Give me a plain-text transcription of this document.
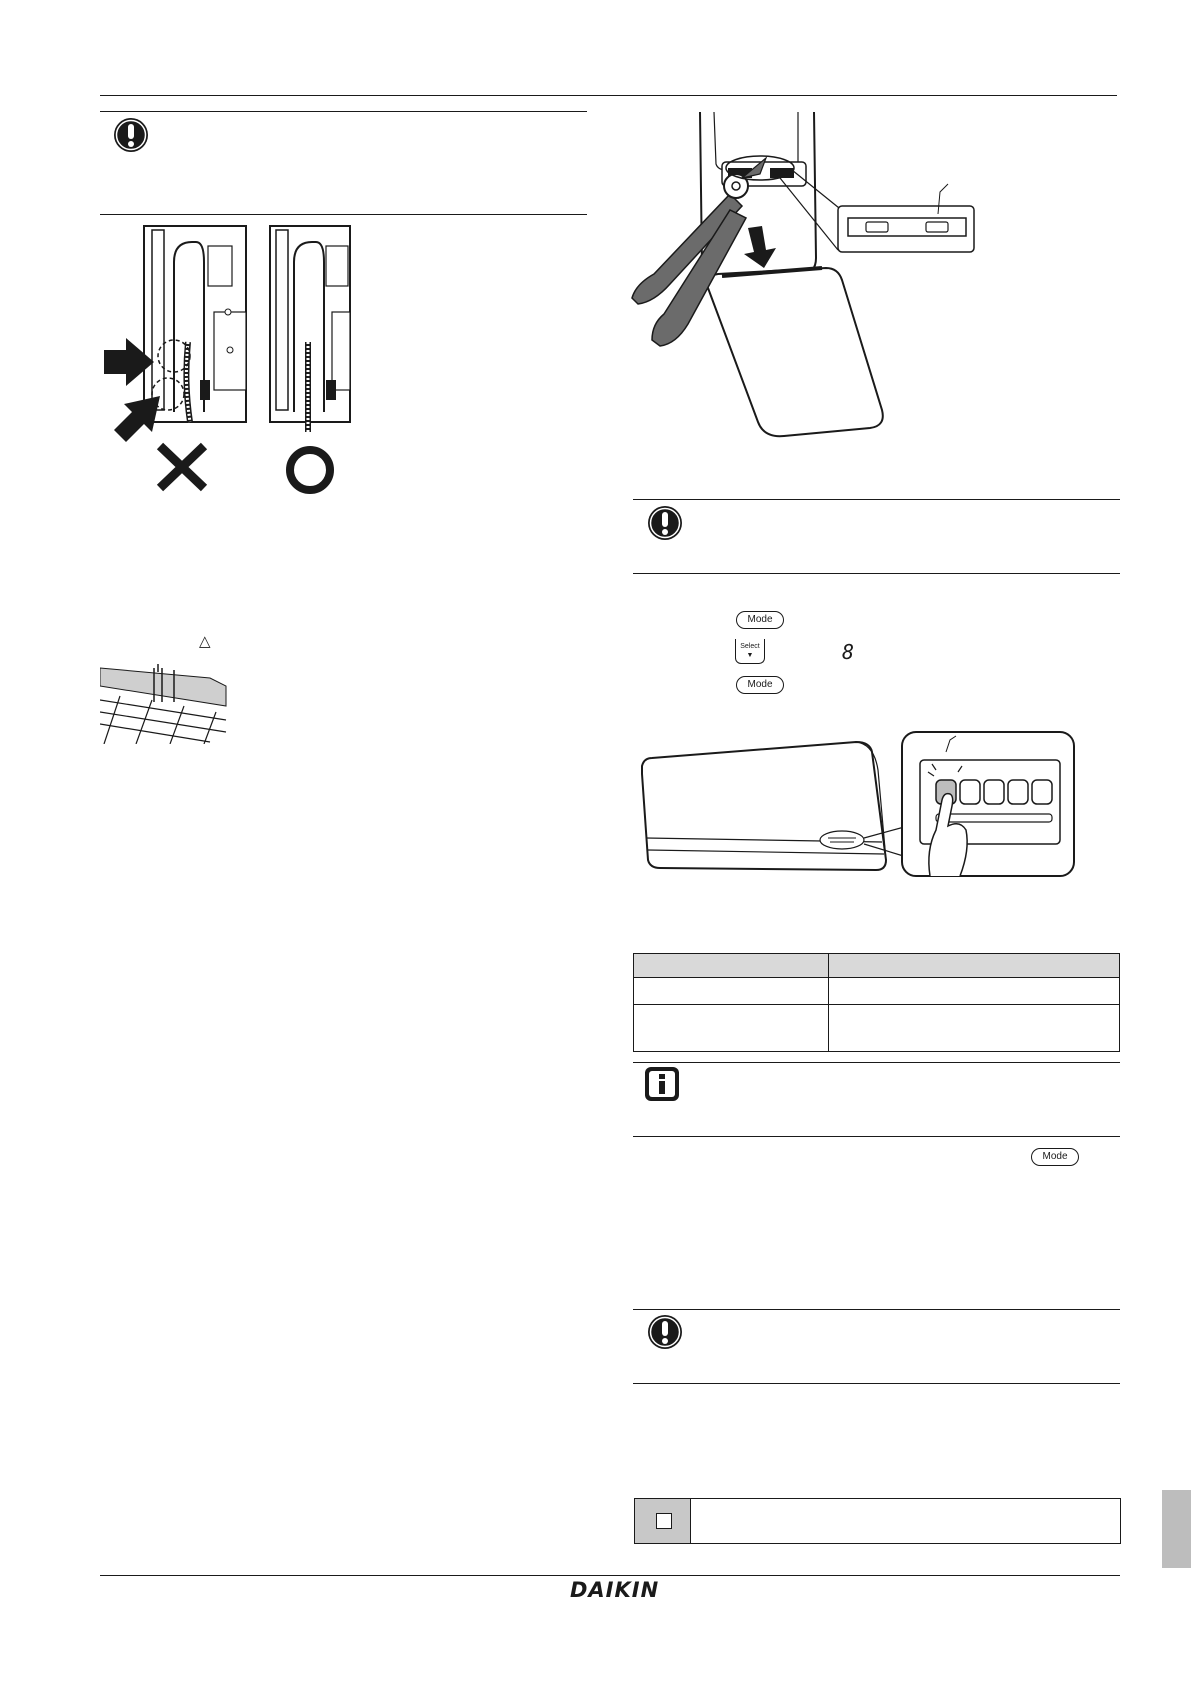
△
Mode
Select
▼	8
Mode
Mode
DAIKIN
